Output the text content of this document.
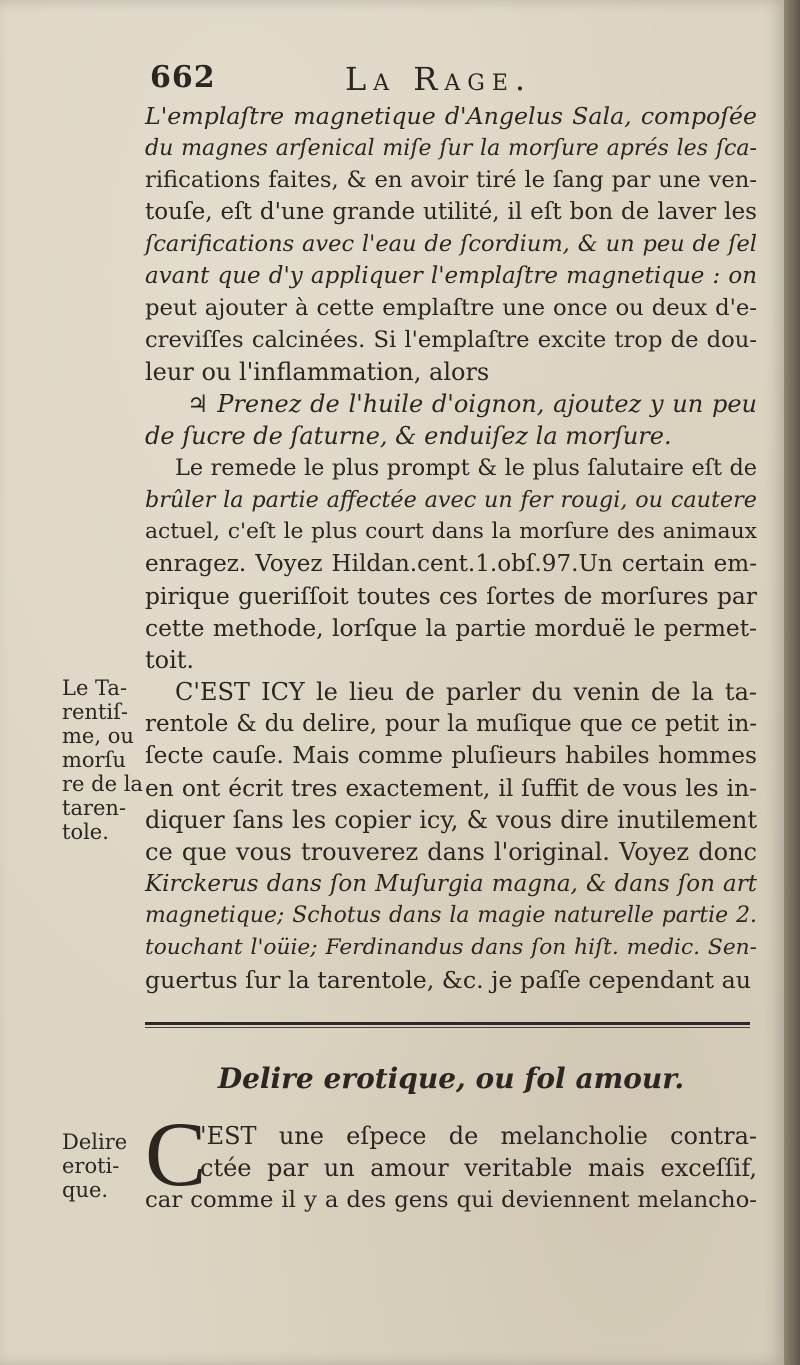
662	La Rage.
L'emplaſtre magnetique d'Angelus Sala, compoſée
du magnes arſenical miſe ſur la morſure aprés les ſca-
rifications faites, & en avoir tiré le ſang par une ven-
touſe, eſt d'une grande utilité, il eſt bon de laver les
ſcarifications avec l'eau de ſcordium, & un peu de ſel
avant que d'y appliquer l'emplaſtre magnetique : on
peut ajouter à cette emplaſtre une once ou deux d'e-
creviſſes calcinées. Si l'emplaſtre excite trop de dou-
leur ou l'inflammation, alors
♃ Prenez de l'huile d'oignon, ajoutez y un peu
de ſucre de ſaturne, & enduiſez la morſure.
Le remede le plus prompt & le plus ſalutaire eſt de
brûler la partie affectée avec un fer rougi, ou cautere
actuel, c'eſt le plus court dans la morſure des animaux
enragez. Voyez Hildan.cent.1.obſ.97.Un certain em-
pirique gueriſſoit toutes ces ſortes de morſures par
cette methode, lorſque la partie morduë le permet-
toit.
C'EST ICY le lieu de parler du venin de la ta-
rentole & du delire, pour la muſique que ce petit in-
ſecte cauſe. Mais comme pluſieurs habiles hommes
en ont écrit tres exactement, il ſuffit de vous les in-
diquer ſans les copier icy, & vous dire inutilement
ce que vous trouverez dans l'original. Voyez donc
Kirckerus dans ſon Muſurgia magna, & dans ſon art
magnetique; Schotus dans la magie naturelle partie 2.
touchant l'oüie; Ferdinandus dans ſon hiſt. medic. Sen-
guertus ſur la tarentole, &c. je paſſe cependant au
Le Ta-
rentiſ-
me, ou
morſu
re de la
taren-
tole.
Delire erotique, ou fol amour.
Delire
eroti-
que. C
'EST une eſpece de melancholie contra-
ctée par un amour veritable mais exceſſif,
car comme il y a des gens qui deviennent melancho-
